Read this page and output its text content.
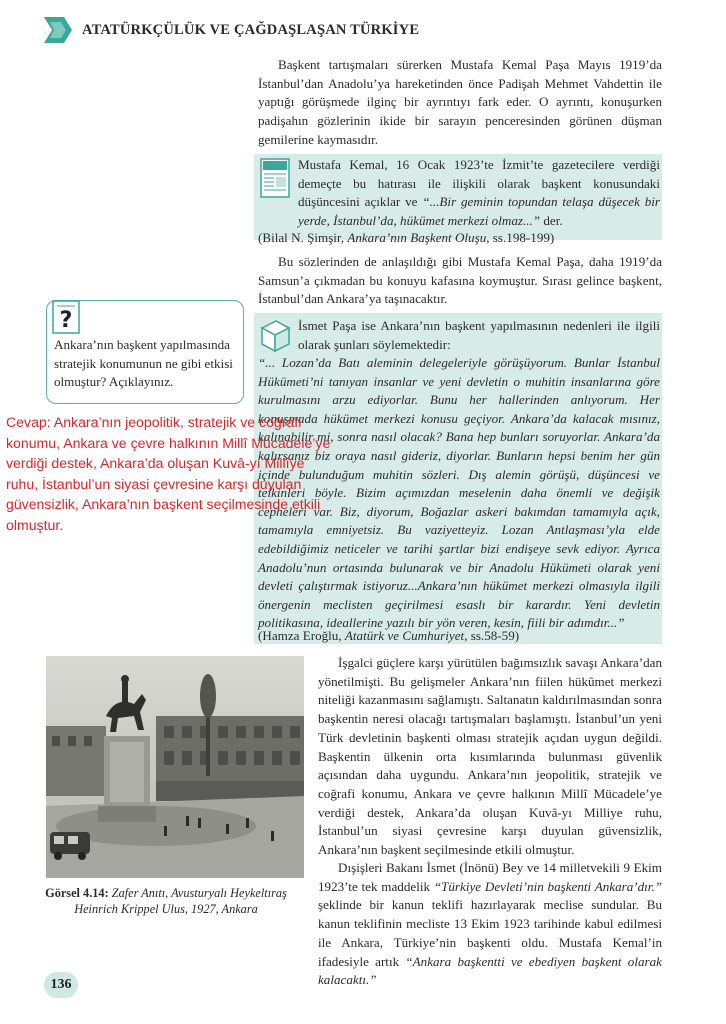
ATATÜRKÇÜLÜK VE ÇAĞDAŞLAŞAN TÜRKİYE

Başkent tartışmaları sürerken Mustafa Kemal Paşa Mayıs 1919’da İstanbul’dan Anadolu’ya hareketinden önce Padişah Mehmet Vahdettin ile yaptığı görüşmede ilginç bir ayrıntıyı fark eder. O ayrıntı, konuşurken padişahın gözlerinin ikide bir sarayın penceresinden görünen düşman gemilerine kaymasıdır.

Mustafa Kemal, 16 Ocak 1923’te İzmit’te gazetecilere verdiği demeçte bu hatırası ile ilişkili olarak başkent konusundaki düşüncesini açıklar ve “...Bir geminin topundan telaşa düşecek bir yerde, İstanbul’da, hükümet merkezi olmaz...” der.
(Bilal N. Şimşir, Ankara’nın Başkent Oluşu, ss.198-199)

Bu sözlerinden de anlaşıldığı gibi Mustafa Kemal Paşa, daha 1919’da Samsun’a çıkmadan bu konuyu kafasına koymuştur. Sırası gelince başkent, İstanbul’dan Ankara’ya taşınacaktır.

?
Ankara’nın başkent yapılmasında stratejik konumunun ne gibi etkisi olmuştur? Açıklayınız.
İsmet Paşa ise Ankara’nın başkent yapılmasının nedenleri ile ilgili olarak şunları söylemektedir:
“... Lozan’da Batı aleminin delegeleriyle görüşüyorum. Bunlar İstanbul Hükümeti’ni tanıyan insanlar ve yeni devletin o muhitin insanlarına göre kurulmasını arzu ediyorlar. Bunu her hallerinden anlıyorum. Her konuşmada hükümet merkezi konusu geçiyor. Ankara’da kalacak mısınız, kalınabilir mi, sonra nasıl olacak? Bana hep bunları soruyorlar. Ankara’da kalırsanız biz oraya nasıl gideriz, diyorlar. Bunların hepsi benim her gün içinde bulunduğum muhitin sözleri. Dış alemin görüşü, düşüncesi ve telkinleri böyle. Bizim açımızdan meselenin daha önemli ve değişik cepheleri var. Biz, diyorum, Boğazlar askeri bakımdan tamamıyla açık, tamamıyla emniyetsiz. Bu vaziyetteyiz. Lozan Antlaşması’yla elde edebildiğimiz neticeler ve tarihi şartlar bizi endişeye sevk ediyor. Ayrıca Anadolu’nun ortasında bulunarak ve bir Anadolu Hükümeti olarak yeni devleti çalıştırmak istiyoruz...Ankara’nın hükümet merkezi olmasıyla ilgili önergenin meclisten geçirilmesi esaslı bir karardır. Yeni devletin politikasına, ideallerine yazılı bir yön veren, kesin, fiili bir adımdır...”
(Hamza Eroğlu, Atatürk ve Cumhuriyet, ss.58-59)
Cevap: Ankara’nın jeopolitik, stratejik ve coğrafi konumu, Ankara ve çevre halkının Millî Mücadele’ye verdiği destek, Ankara’da oluşan Kuvâ-yı Millîye ruhu, İstanbul’un siyasi çevresine karşı duyulan güvensizlik, Ankara’nın başkent seçilmesinde etkili olmuştur.
Görsel 4.14: Zafer Anıtı, Avusturyalı Heykeltıraş Heinrich Krippel Ulus, 1927, Ankara

İşgalci güçlere karşı yürütülen bağımsızlık savaşı Ankara’dan yönetilmişti. Bu gelişmeler Ankara’nın fiilen hükûmet merkezi niteliği kazanmasını sağlamıştı. Saltanatın kaldırılmasından sonra başkentin neresi olacağı tartışmaları başlamıştı. İstanbul’un yeni Türk devletinin başkenti olması stratejik açıdan uygun değildi. Başkentin ülkenin orta kısımlarında bulunması güvenlik açısından daha uygundu. Ankara’nın jeopolitik, stratejik ve coğrafi konumu, Ankara ve çevre halkının Millî Mücadele’ye verdiği destek, Ankara’da oluşan Kuvâ-yı Milliye ruhu, İstanbul’un siyasi çevresine karşı duyulan güvensizlik, Ankara’nın başkent seçilmesinde etkili olmuştur.

Dışişleri Bakanı İsmet (İnönü) Bey ve 14 milletvekili 9 Ekim 1923’te tek maddelik “Türkiye Devleti’nin başkenti Ankara’dır.” şeklinde bir kanun teklifi hazırlayarak meclise sundular. Bu kanun teklifinin mecliste 13 Ekim 1923 tarihinde kabul edilmesi ile Ankara, Türkiye’nin başkenti oldu. Mustafa Kemal’in ifadesiyle artık “Ankara başkentti ve ebediyen başkent olarak kalacaktı.”

136
